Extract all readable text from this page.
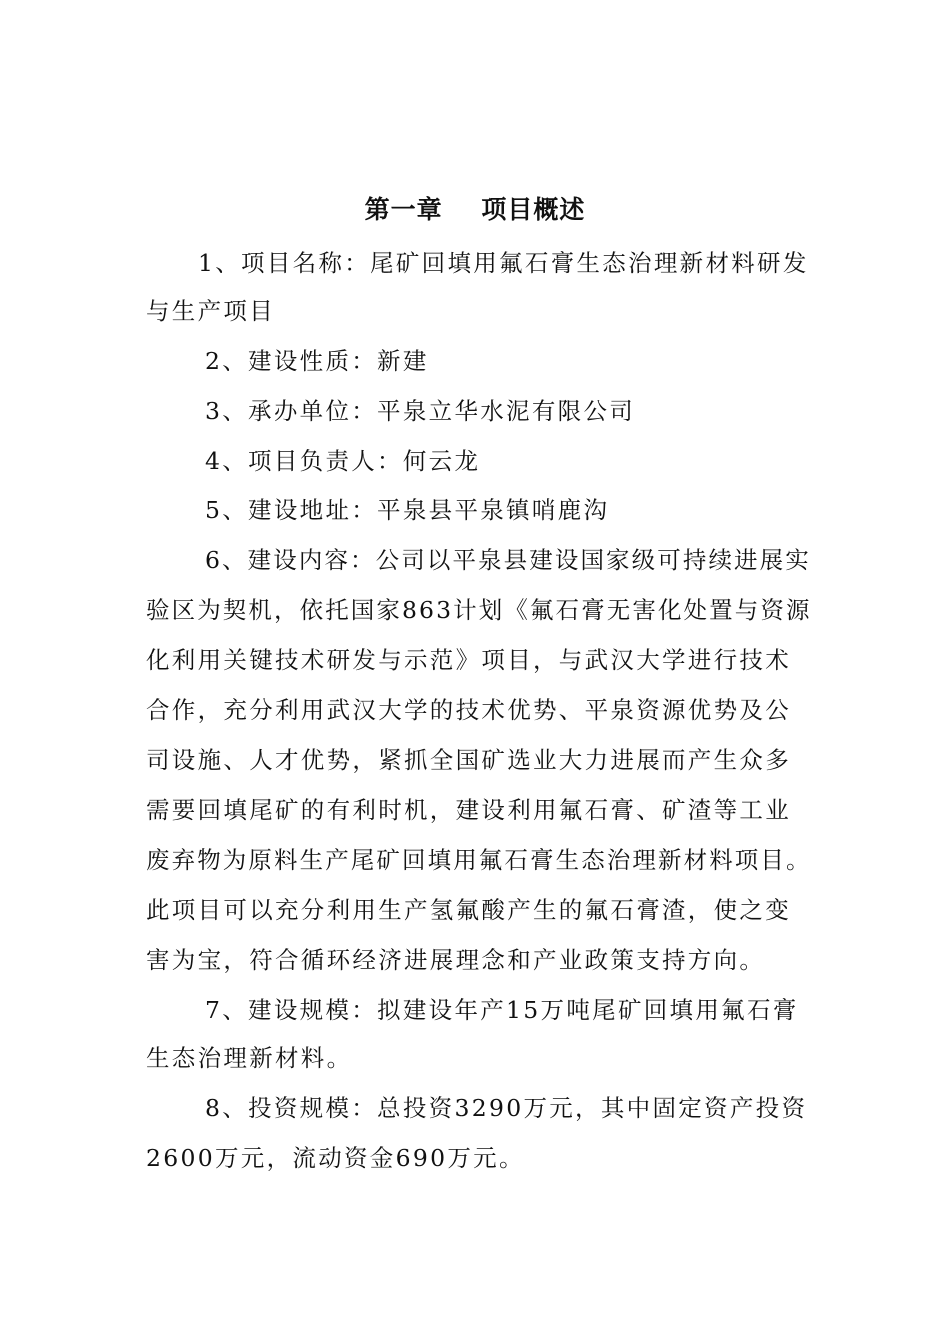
第一章    项目概述
1、项目名称：尾矿回填用氟石膏生态治理新材料研发
与生产项目
2、建设性质：新建
3、承办单位：平泉立华水泥有限公司
4、项目负责人：何云龙
5、建设地址：平泉县平泉镇哨鹿沟
6、建设内容：公司以平泉县建设国家级可持续进展实
验区为契机，依托国家863计划《氟石膏无害化处置与资源
化利用关键技术研发与示范》项目，与武汉大学进行技术
合作，充分利用武汉大学的技术优势、平泉资源优势及公
司设施、人才优势，紧抓全国矿选业大力进展而产生众多
需要回填尾矿的有利时机，建设利用氟石膏、矿渣等工业
废弃物为原料生产尾矿回填用氟石膏生态治理新材料项目。
此项目可以充分利用生产氢氟酸产生的氟石膏渣，使之变
害为宝，符合循环经济进展理念和产业政策支持方向。
7、建设规模：拟建设年产15万吨尾矿回填用氟石膏
生态治理新材料。
8、投资规模：总投资3290万元，其中固定资产投资
2600万元，流动资金690万元。
